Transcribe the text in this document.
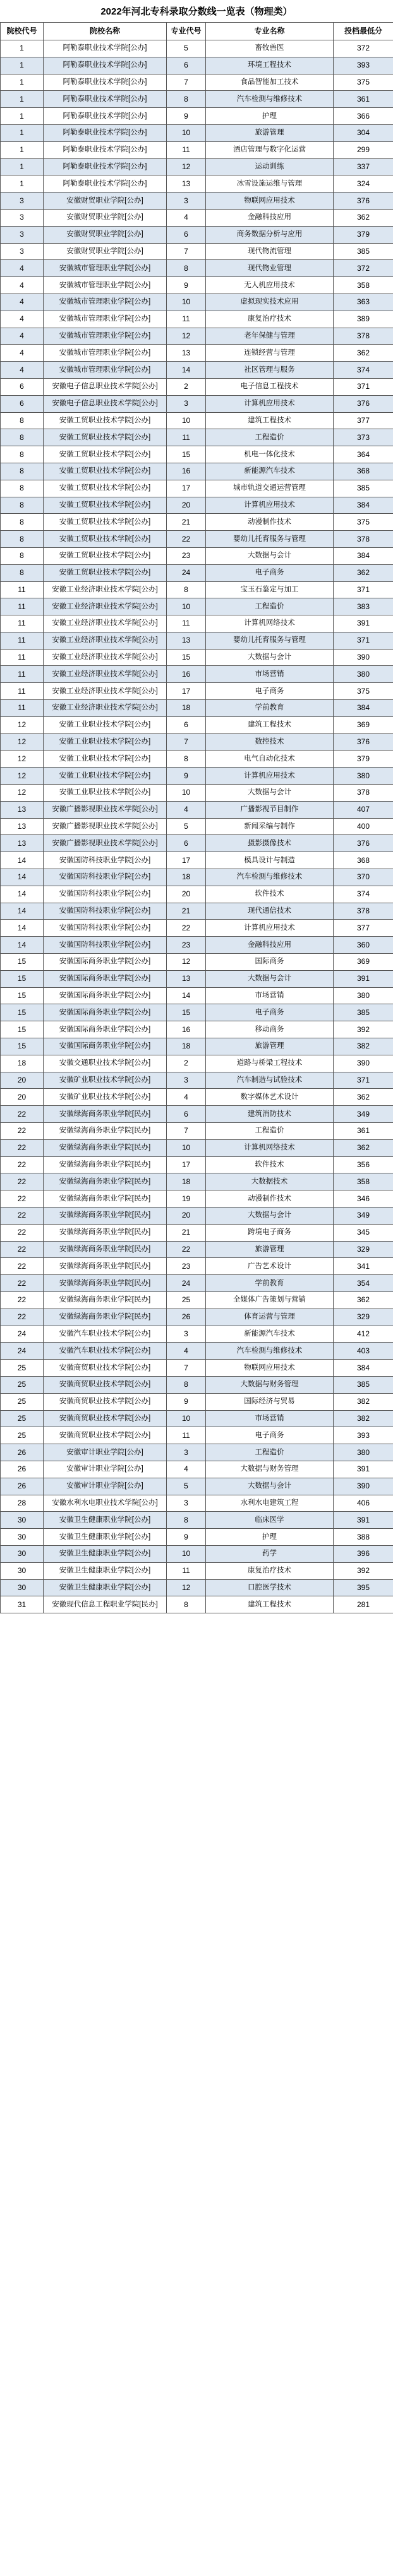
2022年河北专科录取分数线一览表（物理类）
院校代号	院校名称	专业代号	专业名称	投档最低分
1	阿勒泰职业技术学院[公办]	5	畜牧兽医	372
1	阿勒泰职业技术学院[公办]	6	环境工程技术	393
1	阿勒泰职业技术学院[公办]	7	食品智能加工技术	375
1	阿勒泰职业技术学院[公办]	8	汽车检测与维修技术	361
1	阿勒泰职业技术学院[公办]	9	护理	366
1	阿勒泰职业技术学院[公办]	10	旅游管理	304
1	阿勒泰职业技术学院[公办]	11	酒店管理与数字化运营	299
1	阿勒泰职业技术学院[公办]	12	运动训练	337
1	阿勒泰职业技术学院[公办]	13	冰雪设施运维与管理	324
3	安徽财贸职业学院[公办]	3	物联网应用技术	376
3	安徽财贸职业学院[公办]	4	金融科技应用	362
3	安徽财贸职业学院[公办]	6	商务数据分析与应用	379
3	安徽财贸职业学院[公办]	7	现代物流管理	385
4	安徽城市管理职业学院[公办]	8	现代物业管理	372
4	安徽城市管理职业学院[公办]	9	无人机应用技术	358
4	安徽城市管理职业学院[公办]	10	虚拟现实技术应用	363
4	安徽城市管理职业学院[公办]	11	康复治疗技术	389
4	安徽城市管理职业学院[公办]	12	老年保健与管理	378
4	安徽城市管理职业学院[公办]	13	连锁经营与管理	362
4	安徽城市管理职业学院[公办]	14	社区管理与服务	374
6	安徽电子信息职业技术学院[公办]	2	电子信息工程技术	371
6	安徽电子信息职业技术学院[公办]	3	计算机应用技术	376
8	安徽工贸职业技术学院[公办]	10	建筑工程技术	377
8	安徽工贸职业技术学院[公办]	11	工程造价	373
8	安徽工贸职业技术学院[公办]	15	机电一体化技术	364
8	安徽工贸职业技术学院[公办]	16	新能源汽车技术	368
8	安徽工贸职业技术学院[公办]	17	城市轨道交通运营管理	385
8	安徽工贸职业技术学院[公办]	20	计算机应用技术	384
8	安徽工贸职业技术学院[公办]	21	动漫制作技术	375
8	安徽工贸职业技术学院[公办]	22	婴幼儿托育服务与管理	378
8	安徽工贸职业技术学院[公办]	23	大数据与会计	384
8	安徽工贸职业技术学院[公办]	24	电子商务	362
11	安徽工业经济职业技术学院[公办]	8	宝玉石鉴定与加工	371
11	安徽工业经济职业技术学院[公办]	10	工程造价	383
11	安徽工业经济职业技术学院[公办]	11	计算机网络技术	391
11	安徽工业经济职业技术学院[公办]	13	婴幼儿托育服务与管理	371
11	安徽工业经济职业技术学院[公办]	15	大数据与会计	390
11	安徽工业经济职业技术学院[公办]	16	市场营销	380
11	安徽工业经济职业技术学院[公办]	17	电子商务	375
11	安徽工业经济职业技术学院[公办]	18	学前教育	384
12	安徽工业职业技术学院[公办]	6	建筑工程技术	369
12	安徽工业职业技术学院[公办]	7	数控技术	376
12	安徽工业职业技术学院[公办]	8	电气自动化技术	379
12	安徽工业职业技术学院[公办]	9	计算机应用技术	380
12	安徽工业职业技术学院[公办]	10	大数据与会计	378
13	安徽广播影视职业技术学院[公办]	4	广播影视节目制作	407
13	安徽广播影视职业技术学院[公办]	5	新闻采编与制作	400
13	安徽广播影视职业技术学院[公办]	6	摄影摄像技术	376
14	安徽国防科技职业学院[公办]	17	模具设计与制造	368
14	安徽国防科技职业学院[公办]	18	汽车检测与维修技术	370
14	安徽国防科技职业学院[公办]	20	软件技术	374
14	安徽国防科技职业学院[公办]	21	现代通信技术	378
14	安徽国防科技职业学院[公办]	22	计算机应用技术	377
14	安徽国防科技职业学院[公办]	23	金融科技应用	360
15	安徽国际商务职业学院[公办]	12	国际商务	369
15	安徽国际商务职业学院[公办]	13	大数据与会计	391
15	安徽国际商务职业学院[公办]	14	市场营销	380
15	安徽国际商务职业学院[公办]	15	电子商务	385
15	安徽国际商务职业学院[公办]	16	移动商务	392
15	安徽国际商务职业学院[公办]	18	旅游管理	382
18	安徽交通职业技术学院[公办]	2	道路与桥梁工程技术	390
20	安徽矿业职业技术学院[公办]	3	汽车制造与试验技术	371
20	安徽矿业职业技术学院[公办]	4	数字媒体艺术设计	362
22	安徽绿海商务职业学院[民办]	6	建筑消防技术	349
22	安徽绿海商务职业学院[民办]	7	工程造价	361
22	安徽绿海商务职业学院[民办]	10	计算机网络技术	362
22	安徽绿海商务职业学院[民办]	17	软件技术	356
22	安徽绿海商务职业学院[民办]	18	大数据技术	358
22	安徽绿海商务职业学院[民办]	19	动漫制作技术	346
22	安徽绿海商务职业学院[民办]	20	大数据与会计	349
22	安徽绿海商务职业学院[民办]	21	跨境电子商务	345
22	安徽绿海商务职业学院[民办]	22	旅游管理	329
22	安徽绿海商务职业学院[民办]	23	广告艺术设计	341
22	安徽绿海商务职业学院[民办]	24	学前教育	354
22	安徽绿海商务职业学院[民办]	25	全媒体广告策划与营销	362
22	安徽绿海商务职业学院[民办]	26	体育运营与管理	329
24	安徽汽车职业技术学院[公办]	3	新能源汽车技术	412
24	安徽汽车职业技术学院[公办]	4	汽车检测与维修技术	403
25	安徽商贸职业技术学院[公办]	7	物联网应用技术	384
25	安徽商贸职业技术学院[公办]	8	大数据与财务管理	385
25	安徽商贸职业技术学院[公办]	9	国际经济与贸易	382
25	安徽商贸职业技术学院[公办]	10	市场营销	382
25	安徽商贸职业技术学院[公办]	11	电子商务	393
26	安徽审计职业学院[公办]	3	工程造价	380
26	安徽审计职业学院[公办]	4	大数据与财务管理	391
26	安徽审计职业学院[公办]	5	大数据与会计	390
28	安徽水利水电职业技术学院[公办]	3	水利水电建筑工程	406
30	安徽卫生健康职业学院[公办]	8	临床医学	391
30	安徽卫生健康职业学院[公办]	9	护理	388
30	安徽卫生健康职业学院[公办]	10	药学	396
30	安徽卫生健康职业学院[公办]	11	康复治疗技术	392
30	安徽卫生健康职业学院[公办]	12	口腔医学技术	395
31	安徽现代信息工程职业学院[民办]	8	建筑工程技术	281
